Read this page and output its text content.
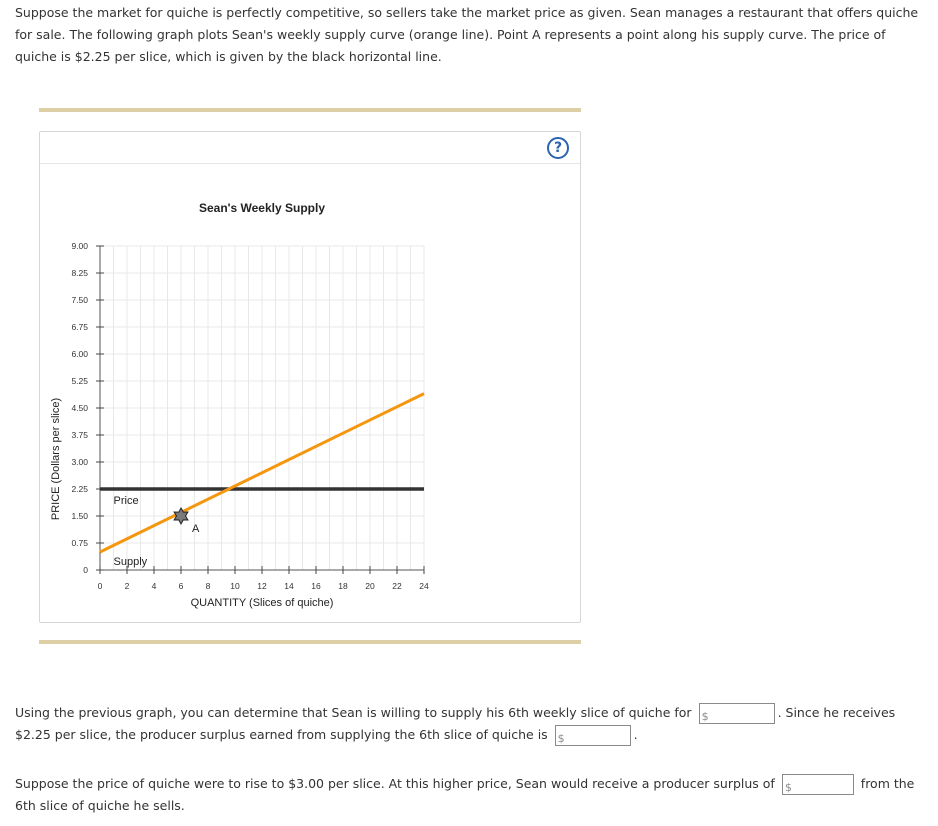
Suppose the market for quiche is perfectly competitive, so sellers take the market price as given. Sean manages a restaurant that offers quiche for sale. The following graph plots Sean's weekly supply curve (orange line). Point A represents a point along his supply curve. The price of quiche is $2.25 per slice, which is given by the black horizontal line.

?
Sean's Weekly Supply
PRICE (Dollars per slice)
QUANTITY (Slices of quiche)
0
0.75
1.50
2.25
3.00
3.75
4.50
5.25
6.00
6.75
7.50
8.25
9.00
0	2	4	6	8 10 12 14 16 18 20 22 24
Price
Supply
A

Using the previous graph, you can determine that Sean is willing to supply his 6th weekly slice of quiche for $	. Since he receives $2.25 per slice, the producer surplus earned from supplying the 6th slice of quiche is $	.

Suppose the price of quiche were to rise to $3.00 per slice. At this higher price, Sean would receive a producer surplus of $	from the 6th slice of quiche he sells.
